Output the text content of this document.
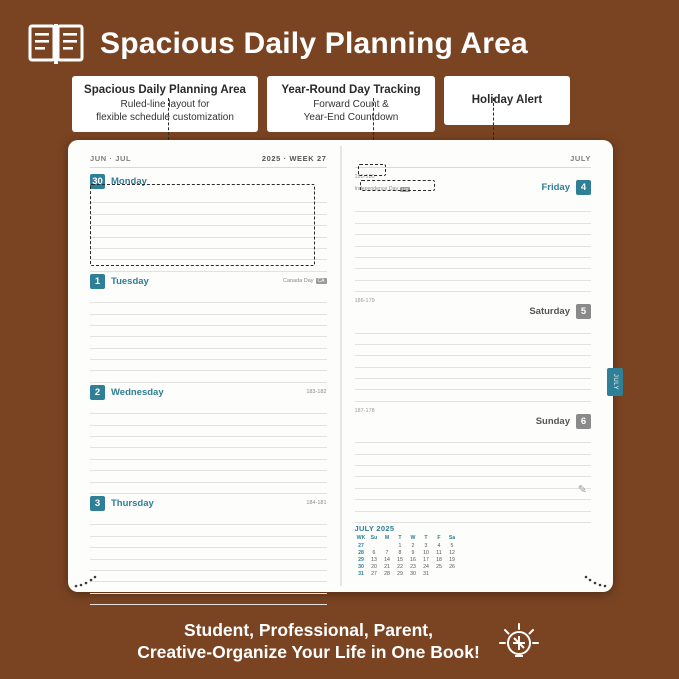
Spacious Daily Planning Area
Spacious Daily Planning Area
Ruled-line layout for
flexible schedule customization
Year-Round Day Tracking
Forward Count &
Year-End Countdown
Holiday Alert
JUN · JUL	2025 · WEEK 27
30 Monday
1	Tuesday	Canada Day CA
2	Wednesday	183-182
3	Thursday	184-181

JULY
185-180
Friday	4
Independence Day US
186-179
Saturday	5
187-178
Sunday	6
✎
JULY 2025
WK	Su	M	T	W	T	F	Sa
27			1	2	3	4	5
28	6	7	8	9	10	11	12
29	13	14	15	16	17	18	19
30	20	21	22	23	24	25	26
31	27	28	29	30	31		
JULY
Student, Professional, Parent,
Creative-Organize Your Life in One Book!
